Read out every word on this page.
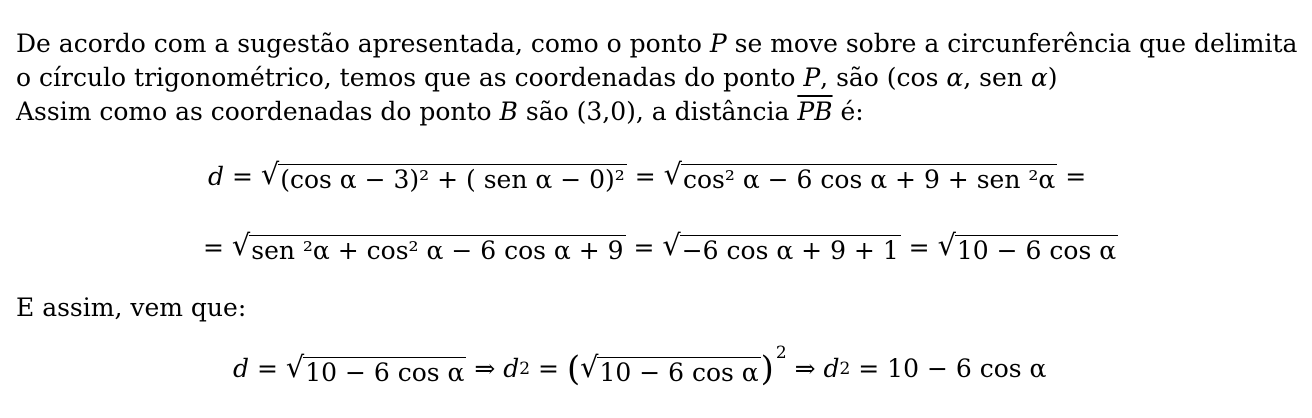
De acordo com a sugestão apresentada, como o ponto P se move sobre a circunferência que delimita
o círculo trigonométrico, temos que as coordenadas do ponto P, são (cos α, sen α)
Assim como as coordenadas do ponto B são (3,0), a distância $\overline{PB}$ é:
d = √ (cos α − 3)² + ( sen α − 0)² = √ cos² α − 6 cos α + 9 + sen ²α =
= √ sen ²α + cos² α − 6 cos α + 9 = √ −6 cos α + 9 + 1 = √ 10 − 6 cos α
E assim, vem que:
d = √ 10 − 6 cos α ⇒ d 2 = ( √ 10 − 6 cos α ) 2
⇒ d 2 = 10 − 6 cos α
